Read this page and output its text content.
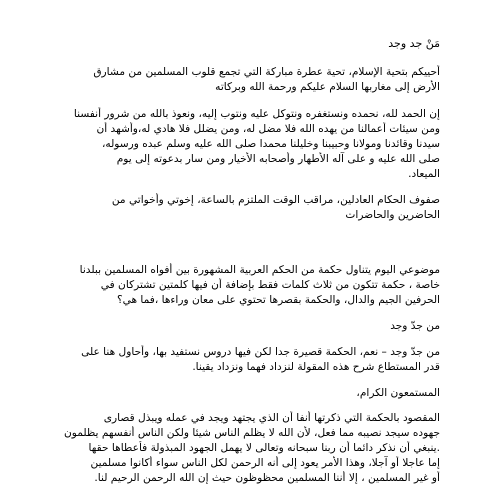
مَنْ جد وجد
أحييكم بتحية الإسلام، تحية عطرة مباركة التي تجمع قلوب المسلمين من مشارق
الأرض إلى مغاربها السلام عليكم ورحمة الله وبركاته
إن الحمد لله، نحمده ونستغفره ونتوكل عليه ونتوب إليه، ونعوذ بالله من شرور أنفسنا
ومن سيئات أعمالنا من يهده الله فلا مضل له، ومن يضلل فلا هادي له،وأشهد أن
سيدنا وقائدنا ومولانا وحبيبنا وخليلنا محمدا صلى الله عليه وسلم عبده ورسوله،
صلى الله عليه و على آله الأطهار وأصحابه الأخيار ومن سار بدعوته إلى يوم
الميعاد.
صفوف الحكام العادلين، مراقب الوقت الملتزم بالساعة، إخوتي وأخواتي من
الحاضرين والحاضرات
موضوعي اليوم يتناول حكمة من الحكم العربية المشهورة بين أفواه المسلمين ببلدنا
خاصة ، حكمة تتكون من ثلاث كلمات فقط بإضافة أن فيها كلمتين تشتركان في
الحرفين الجيم والدال، والحكمة بقصرها تحتوي على معان وراءها ،فما هي؟
من جدّ وجد
من جدّ وجد – نعم، الحكمة قصيرة جدا لكن فيها دروس نستفيد بها، وأحاول هنا على
قدر المستطاع شرح هذه المقولة لنزداد فهما ونزداد يقينا.
المستمعون الكرام،
المقصود بالحكمة التي ذكرتها أنفا أن الذي يجتهد ويجد في عمله ويبذل قصارى
جهوده سيجد نصيبه مما فعل، لأن الله لا يظلم الناس شيئا ولكن الناس أنفسهم يظلمون
.ينبغي أن نذكر دائما أن ربنا سبحانه وتعالى لا يهمل الجهود المبذولة فأعطاها حقها
إما عاجلا أو آجلا، وهذا الأمر يعود إلى أنه الرحمن لكل الناس سواء أكانوا مسلمين
أو غير المسلمين ، إلا أننا المسلمين محظوظون حيث إن الله الرحمن الرحيم لنا.
